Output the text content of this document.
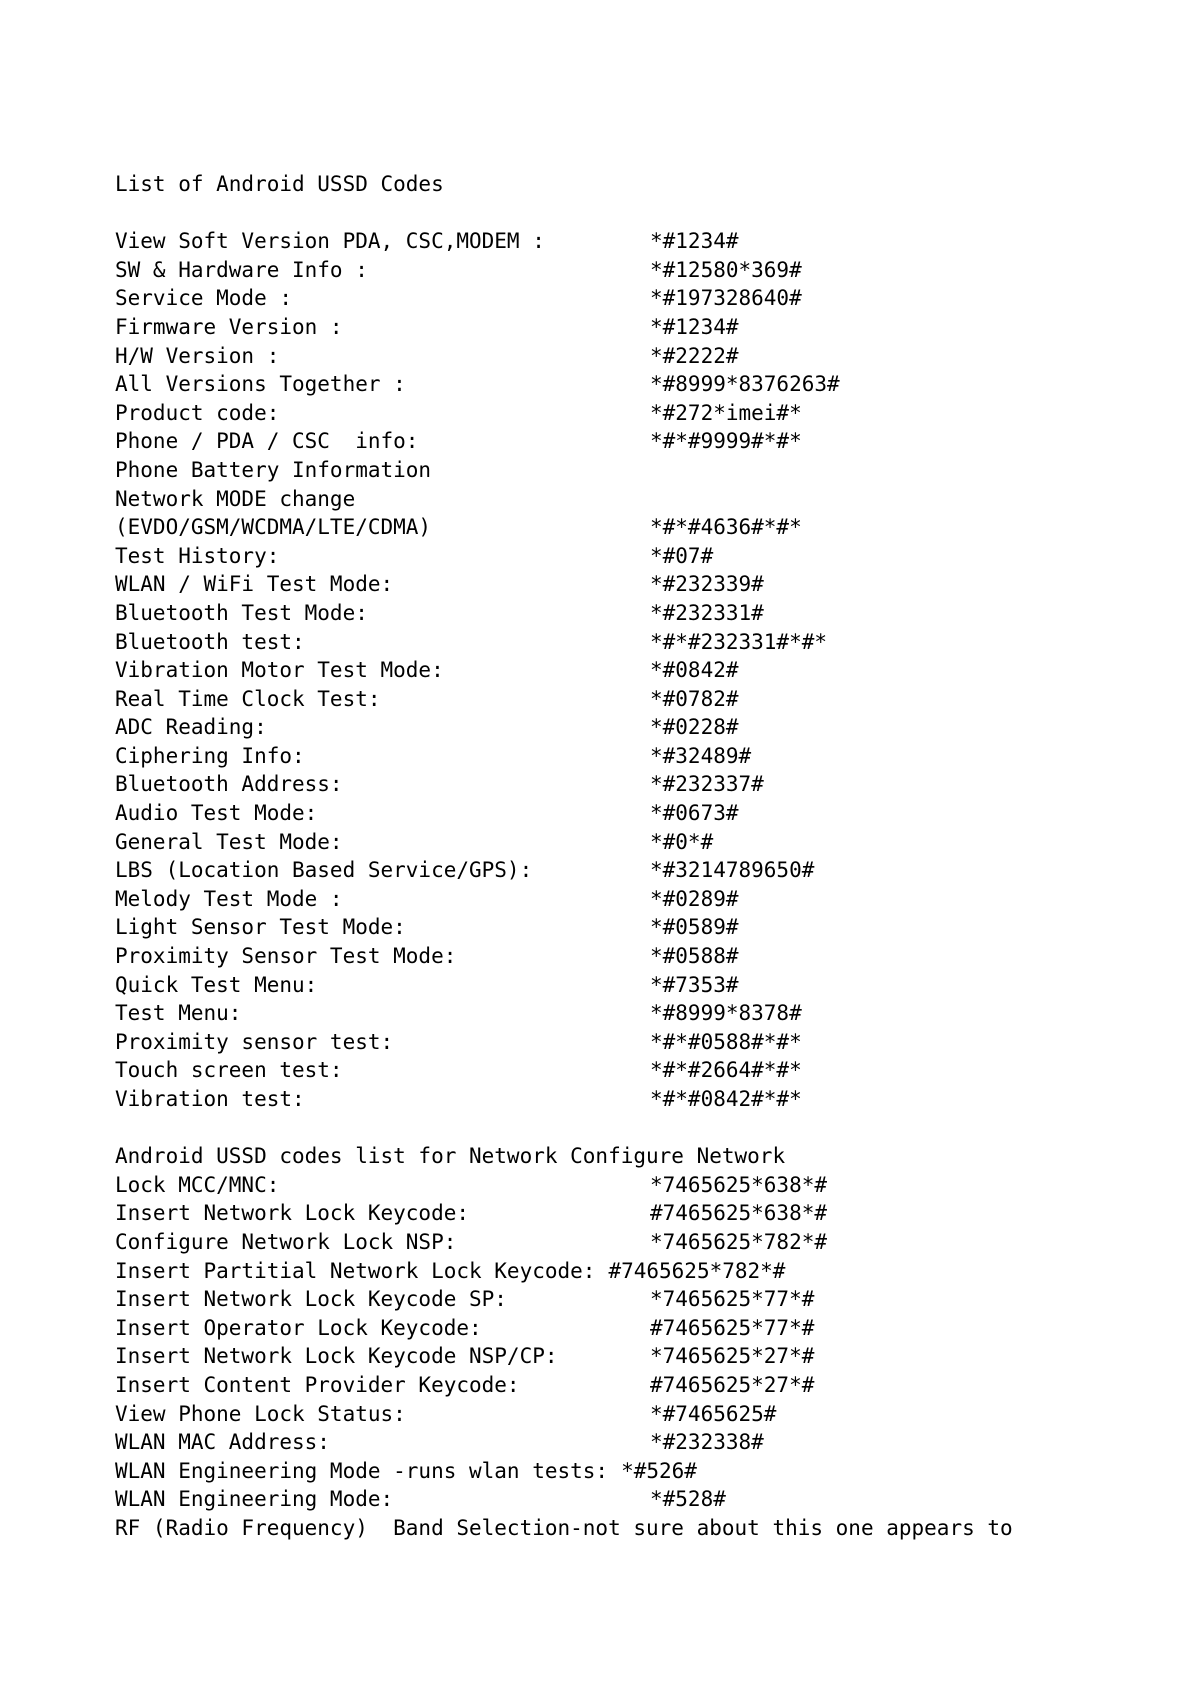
List of Android USSD Codes
View Soft Version PDA, CSC,MODEM :	*#1234#
SW & Hardware Info :	*#12580*369#
Service Mode :	*#197328640#
Firmware Version :	*#1234#
H/W Version :	*#2222#
All Versions Together :	*#8999*8376263#
Product code:	*#272*imei#*
Phone / PDA / CSC  info:	*#*#9999#*#*
Phone Battery Information
Network MODE change
(EVDO/GSM/WCDMA/LTE/CDMA)	*#*#4636#*#*
Test History:	*#07#
WLAN / WiFi Test Mode:	*#232339#
Bluetooth Test Mode:	*#232331#
Bluetooth test:	*#*#232331#*#*
Vibration Motor Test Mode:	*#0842#
Real Time Clock Test:	*#0782#
ADC Reading:	*#0228#
Ciphering Info:	*#32489#
Bluetooth Address:	*#232337#
Audio Test Mode:	*#0673#
General Test Mode:	*#0*#
LBS (Location Based Service/GPS):	*#3214789650#
Melody Test Mode :	*#0289#
Light Sensor Test Mode:	*#0589#
Proximity Sensor Test Mode:	*#0588#
Quick Test Menu:	*#7353#
Test Menu:	*#8999*8378#
Proximity sensor test:	*#*#0588#*#*
Touch screen test:	*#*#2664#*#*
Vibration test:	*#*#0842#*#*
Android USSD codes list for Network Configure Network
Lock MCC/MNC:	*7465625*638*#
Insert Network Lock Keycode:	#7465625*638*#
Configure Network Lock NSP:	*7465625*782*#
Insert Partitial Network Lock Keycode: #7465625*782*#
Insert Network Lock Keycode SP:	*7465625*77*#
Insert Operator Lock Keycode:	#7465625*77*#
Insert Network Lock Keycode NSP/CP:	*7465625*27*#
Insert Content Provider Keycode:	#7465625*27*#
View Phone Lock Status:	*#7465625#
WLAN MAC Address:	*#232338#
WLAN Engineering Mode -runs wlan tests: *#526#
WLAN Engineering Mode:	*#528#
RF (Radio Frequency)  Band Selection-not sure about this one appears to
